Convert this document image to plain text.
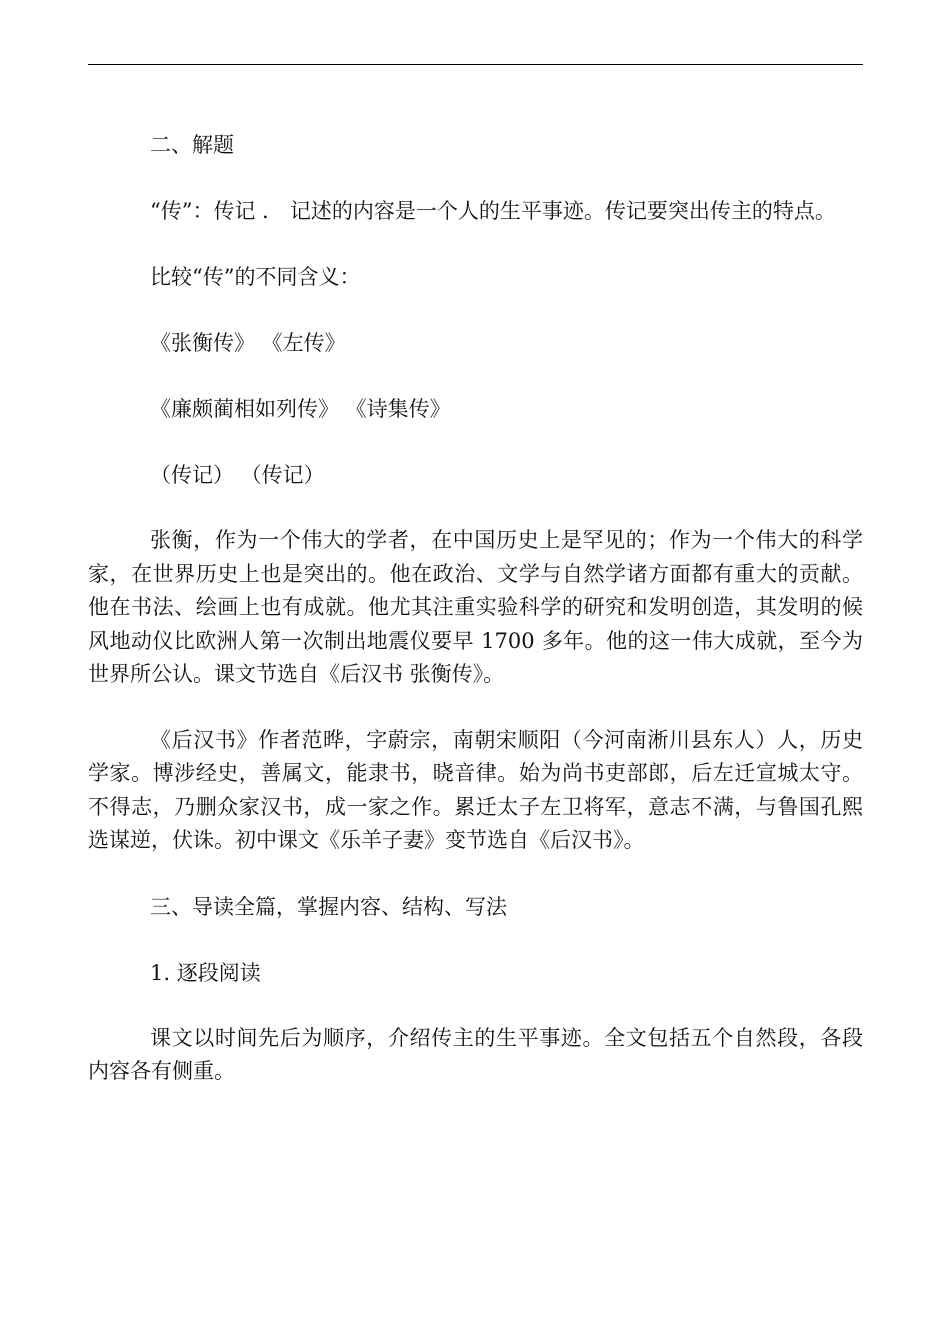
二、解题

“传”：传记 ． 记述的内容是一个人的生平事迹。传记要突出传主的特点。

比较“传”的不同含义：

《张衡传》 《左传》

《廉颇蔺相如列传》 《诗集传》

（传记） （传记）

张衡，作为一个伟大的学者，在中国历史上是罕见的；作为一个伟大的科学家，在世界历史上也是突出的。他在政治、文学与自然学诸方面都有重大的贡献。他在书法、绘画上也有成就。他尤其注重实验科学的研究和发明创造，其发明的候风地动仪比欧洲人第一次制出地震仪要早 1700 多年。他的这一伟大成就，至今为世界所公认。课文节选自《后汉书 张衡传》。

《后汉书》作者范晔，字蔚宗，南朝宋顺阳（今河南淅川县东人）人，历史学家。博涉经史，善属文，能隶书，晓音律。始为尚书吏部郎，后左迁宣城太守。不得志，乃删众家汉书，成一家之作。累迁太子左卫将军，意志不满，与鲁国孔熙选谋逆，伏诛。初中课文《乐羊子妻》变节选自《后汉书》。

三、导读全篇，掌握内容、结构、写法

1. 逐段阅读

课文以时间先后为顺序，介绍传主的生平事迹。全文包括五个自然段，各段内容各有侧重。
